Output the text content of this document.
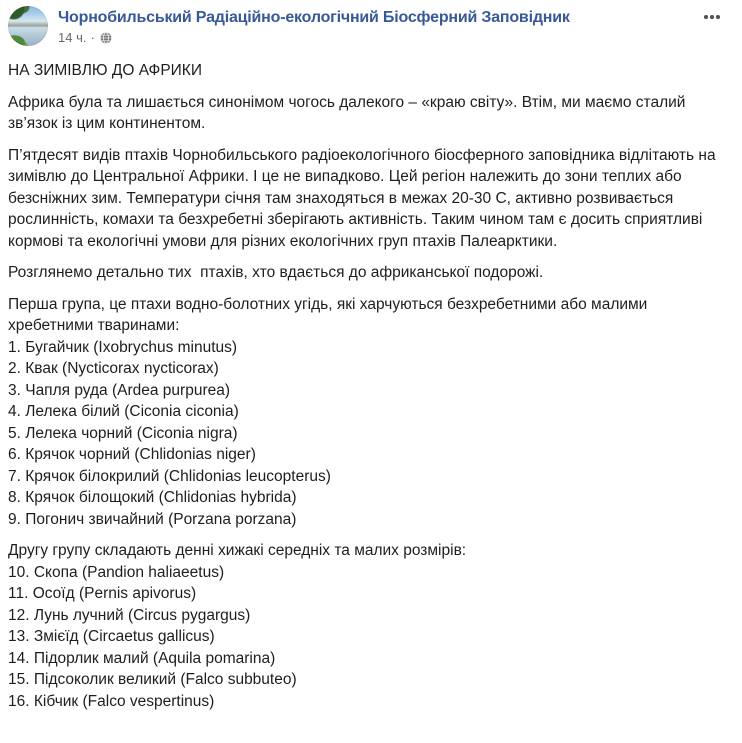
Чорнобильський Радіаційно-екологічний Біосферний Заповідник
14 ч. ·

НА ЗИМІВЛЮ ДО АФРИКИ

Африка була та лишається синонімом чогось далекого – «краю світу». Втім, ми маємо сталий зв’язок із цим континентом.

П’ятдесят видів птахів Чорнобильського радіоекологічного біосферного заповідника відлітають на зимівлю до Центральної Африки. І це не випадково. Цей регіон належить до зони теплих або безсніжних зим. Температури січня там знаходяться в межах 20-30 С, активно розвивається рослинність, комахи та безхребетні зберігають активність. Таким чином там є досить сприятливі кормові та екологічні умови для різних екологічних груп птахів Палеарктики.

Розглянемо детально тих  птахів, хто вдається до африканської подорожі.

Перша група, це птахи водно-болотних угідь, які харчуються безхребетними або малими хребетними тваринами:

1. Бугайчик (Ixobrychus minutus)
2. Квак (Nycticorax nycticorax)
3. Чапля руда (Ardea purpurea)
4. Лелека білий (Ciconia ciconia)
5. Лелека чорний (Ciconia nigra)
6. Крячок чорний (Chlidonias niger)
7. Крячок білокрилий (Chlidonias leucopterus)
8. Крячок білощокий (Chlidonias hybrida)
9. Погонич звичайний (Porzana porzana)

Другу групу складають денні хижакі середніх та малих розмірів:

10. Скопа (Pandion haliaeetus)
11. Осоїд (Pernis apivorus)
12. Лунь лучний (Circus pygargus)
13. Змієїд (Circaetus gallicus)
14. Підорлик малий (Aquila pomarina)
15. Підсоколик великий (Falco subbuteo)
16. Кібчик (Falco vespertinus)
